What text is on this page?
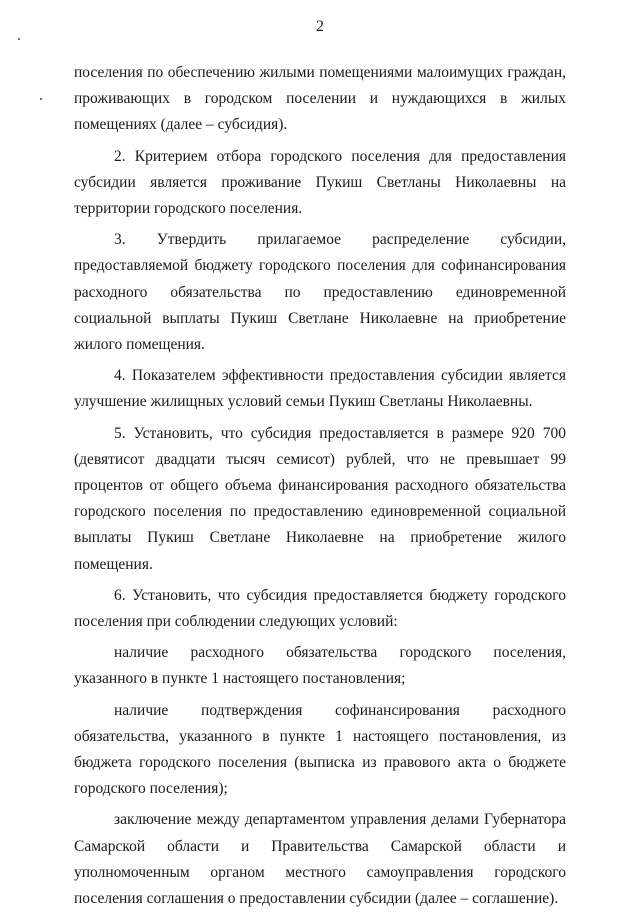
2

поселения по обеспечению жилыми помещениями малоимущих граждан, проживающих в городском поселении и нуждающихся в жилых помещениях (далее – субсидия).

2. Критерием отбора городского поселения для предоставления субсидии является проживание Пукиш Светланы Николаевны на территории городского поселения.

3. Утвердить прилагаемое распределение субсидии, предоставляемой бюджету городского поселения для софинансирования расходного обязательства по предоставлению единовременной социальной выплаты Пукиш Светлане Николаевне на приобретение жилого помещения.

4. Показателем эффективности предоставления субсидии является улучшение жилищных условий семьи Пукиш Светланы Николаевны.

5. Установить, что субсидия предоставляется в размере 920 700 (девятисот двадцати тысяч семисот) рублей, что не превышает 99 процентов от общего объема финансирования расходного обязательства городского поселения по предоставлению единовременной социальной выплаты Пукиш Светлане Николаевне на приобретение жилого помещения.

6. Установить, что субсидия предоставляется бюджету городского поселения при соблюдении следующих условий:

наличие расходного обязательства городского поселения, указанного в пункте 1 настоящего постановления;

наличие подтверждения софинансирования расходного обязательства, указанного в пункте 1 настоящего постановления, из бюджета городского поселения (выписка из правового акта о бюджете городского поселения);

заключение между департаментом управления делами Губернатора Самарской области и Правительства Самарской области и уполномоченным органом местного самоуправления городского поселения соглашения о предоставлении субсидии (далее – соглашение).
